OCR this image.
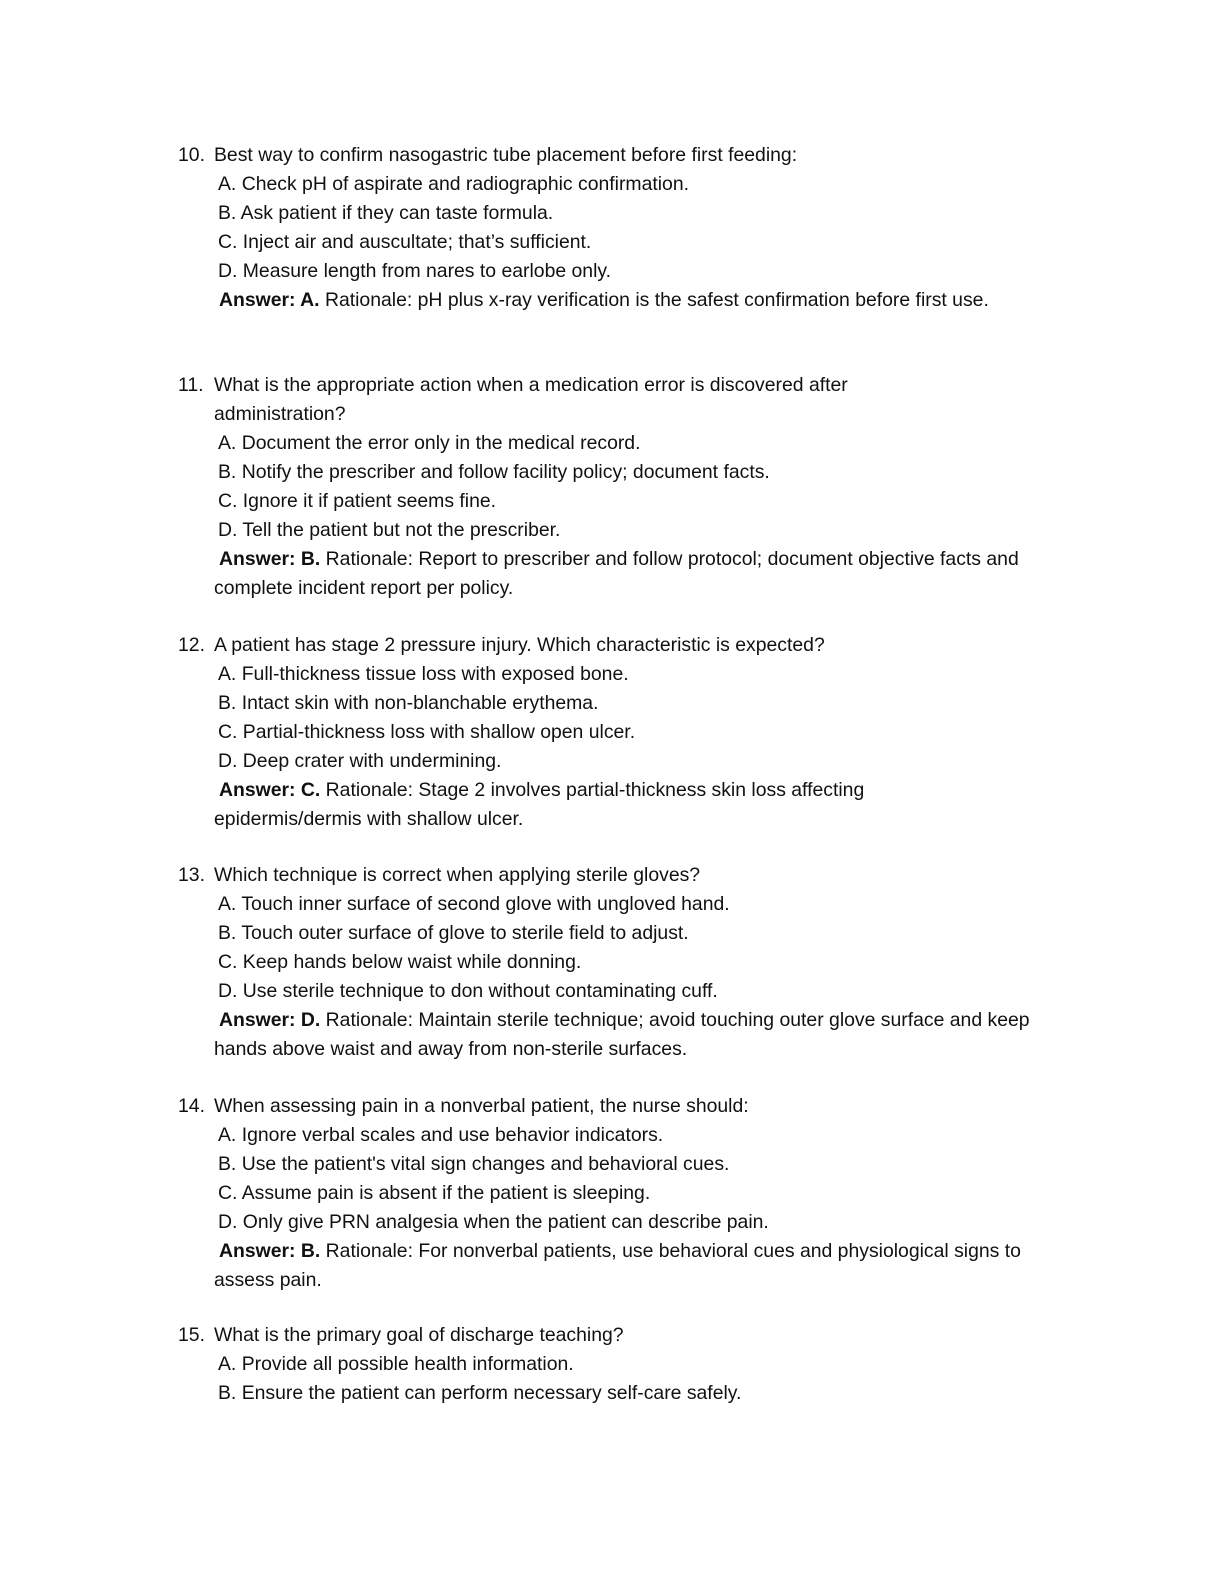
10. Best way to confirm nasogastric tube placement before first feeding:
A. Check pH of aspirate and radiographic confirmation.
B. Ask patient if they can taste formula.
C. Inject air and auscultate; that’s sufficient.
D. Measure length from nares to earlobe only.
Answer: A. Rationale: pH plus x-ray verification is the safest confirmation before first use.
11. What is the appropriate action when a medication error is discovered after administration?
A. Document the error only in the medical record.
B. Notify the prescriber and follow facility policy; document facts.
C. Ignore it if patient seems fine.
D. Tell the patient but not the prescriber.
Answer: B. Rationale: Report to prescriber and follow protocol; document objective facts and complete incident report per policy.
12. A patient has stage 2 pressure injury. Which characteristic is expected?
A. Full-thickness tissue loss with exposed bone.
B. Intact skin with non-blanchable erythema.
C. Partial-thickness loss with shallow open ulcer.
D. Deep crater with undermining.
Answer: C. Rationale: Stage 2 involves partial-thickness skin loss affecting epidermis/dermis with shallow ulcer.
13. Which technique is correct when applying sterile gloves?
A. Touch inner surface of second glove with ungloved hand.
B. Touch outer surface of glove to sterile field to adjust.
C. Keep hands below waist while donning.
D. Use sterile technique to don without contaminating cuff.
Answer: D. Rationale: Maintain sterile technique; avoid touching outer glove surface and keep hands above waist and away from non-sterile surfaces.
14. When assessing pain in a nonverbal patient, the nurse should:
A. Ignore verbal scales and use behavior indicators.
B. Use the patient's vital sign changes and behavioral cues.
C. Assume pain is absent if the patient is sleeping.
D. Only give PRN analgesia when the patient can describe pain.
Answer: B. Rationale: For nonverbal patients, use behavioral cues and physiological signs to assess pain.
15. What is the primary goal of discharge teaching?
A. Provide all possible health information.
B. Ensure the patient can perform necessary self-care safely.
